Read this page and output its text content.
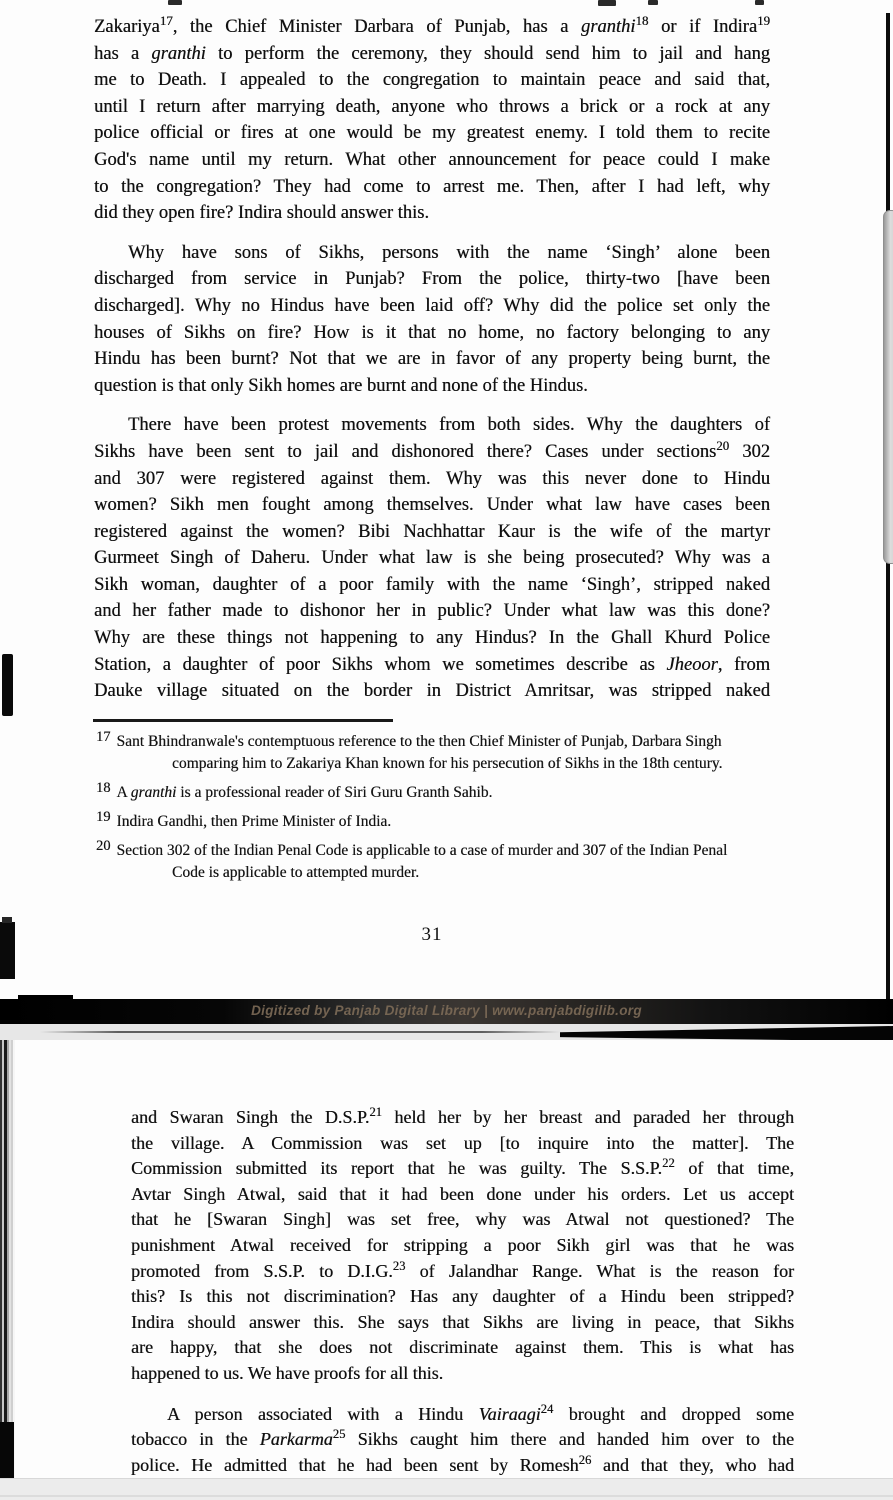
Zakariya$^{17}$, the Chief Minister Darbara of Punjab, has a granthi$^{18}$ or if Indira$^{19}$
has a granthi to perform the ceremony, they should send him to jail and hang
me to Death. I appealed to the congregation to maintain peace and said that,
until I return after marrying death, anyone who throws a brick or a rock at any
police official or fires at one would be my greatest enemy. I told them to recite
God's name until my return. What other announcement for peace could I make
to the congregation? They had come to arrest me. Then, after I had left, why
did they open fire? Indira should answer this.
Why have sons of Sikhs, persons with the name ‘Singh’ alone been
discharged from service in Punjab? From the police, thirty-two [have been
discharged]. Why no Hindus have been laid off? Why did the police set only the
houses of Sikhs on fire? How is it that no home, no factory belonging to any
Hindu has been burnt? Not that we are in favor of any property being burnt, the
question is that only Sikh homes are burnt and none of the Hindus.
There have been protest movements from both sides. Why the daughters of
Sikhs have been sent to jail and dishonored there? Cases under sections$^{20}$ 302
and 307 were registered against them. Why was this never done to Hindu
women? Sikh men fought among themselves. Under what law have cases been
registered against the women? Bibi Nachhattar Kaur is the wife of the martyr
Gurmeet Singh of Daheru. Under what law is she being prosecuted? Why was a
Sikh woman, daughter of a poor family with the name ‘Singh’, stripped naked
and her father made to dishonor her in public? Under what law was this done?
Why are these things not happening to any Hindus? In the Ghall Khurd Police
Station, a daughter of poor Sikhs whom we sometimes describe as Jheoor, from
Dauke village situated on the border in District Amritsar, was stripped naked
$^{17}$ Sant Bhindranwale's contemptuous reference to the then Chief Minister of Punjab, Darbara Singh
comparing him to Zakariya Khan known for his persecution of Sikhs in the 18th century.
$^{18}$ A granthi is a professional reader of Siri Guru Granth Sahib.
$^{19}$ Indira Gandhi, then Prime Minister of India.
$^{20}$ Section 302 of the Indian Penal Code is applicable to a case of murder and 307 of the Indian Penal
Code is applicable to attempted murder.
31
Digitized by Panjab Digital Library | www.panjabdigilib.org
and Swaran Singh the D.S.P.$^{21}$ held her by her breast and paraded her through
the village. A Commission was set up [to inquire into the matter]. The
Commission submitted its report that he was guilty. The S.S.P.$^{22}$ of that time,
Avtar Singh Atwal, said that it had been done under his orders. Let us accept
that he [Swaran Singh] was set free, why was Atwal not questioned? The
punishment Atwal received for stripping a poor Sikh girl was that he was
promoted from S.S.P. to D.I.G.$^{23}$ of Jalandhar Range. What is the reason for
this? Is this not discrimination? Has any daughter of a Hindu been stripped?
Indira should answer this. She says that Sikhs are living in peace, that Sikhs
are happy, that she does not discriminate against them. This is what has
happened to us. We have proofs for all this.
A person associated with a Hindu Vairaagi$^{24}$ brought and dropped some
tobacco in the Parkarma$^{25}$ Sikhs caught him there and handed him over to the
police. He admitted that he had been sent by Romesh$^{26}$ and that they, who had
